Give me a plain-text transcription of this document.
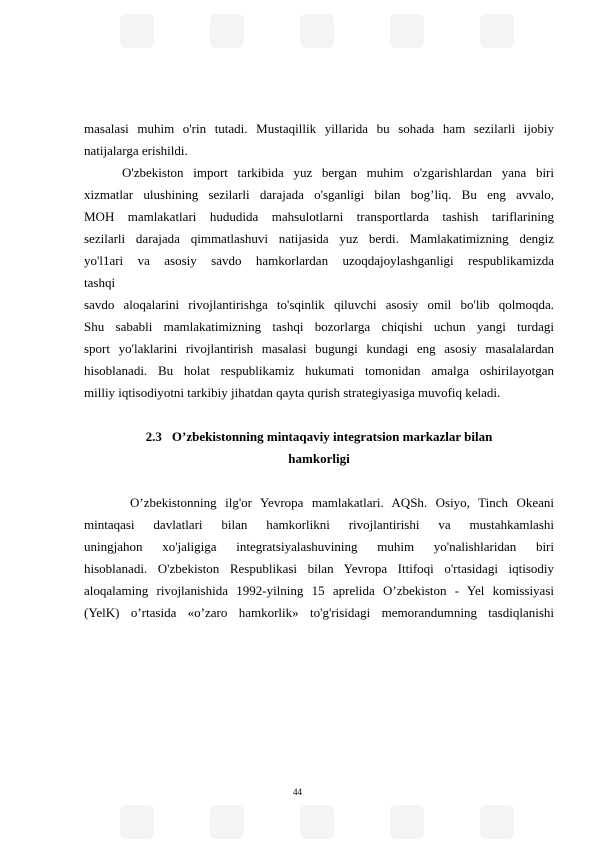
masalasi muhim o'rin tutadi. Mustaqillik yillarida bu sohada ham sezilarli ijobiy

natijalarga erishildi.

O'zbekiston import tarkibida yuz bergan muhim o'zgarishlardan yana biri

xizmatlar ulushining sezilarli darajada o'sganligi bilan bog’liq. Bu eng avvalo,

MOH mamlakatlari hududida mahsulotlarni transportlarda tashish tariflarining

sezilarli darajada qimmatlashuvi natijasida yuz berdi. Mamlakatimizning dengiz

yo'l1ari va asosiy savdo hamkorlardan uzoqdajoylashganligi respublikamizda

tashqi

savdo aloqalarini rivojlantirishga to'sqinlik qiluvchi asosiy omil bo'lib qolmoqda.

Shu sababli mamlakatimizning tashqi bozorlarga chiqishi uchun yangi turdagi

sport yo'laklarini rivojlantirish masalasi bugungi kundagi eng asosiy masalalardan

hisoblanadi. Bu holat respublikamiz hukumati tomonidan amalga oshirilayotgan

milliy iqtisodiyotni tarkibiy jihatdan qayta qurish strategiyasiga muvofiq keladi.

2.3 O’zbekistonning mintaqaviy integratsion markazlar bilan
hamkorligi

O’zbekistonning ilg'or Yevropa mamlakatlari. AQSh. Osiyo, Tinch Okeani

mintaqasi davlatlari bilan hamkorlikni rivojlantirishi va mustahkamlashi

uningjahon xo'jaligiga integratsiyalashuvining muhim yo'nalishlaridan biri

hisoblanadi. O'zbekiston Respublikasi bilan Yevropa Ittifoqi o'rtasidagi iqtisodiy

aloqalaming rivojlanishida 1992-yilning 15 aprelida O’zbekiston - Yel komissiyasi

(YelK) o’rtasida «o’zaro hamkorlik» to'g'risidagi memorandumning tasdiqlanishi

44
